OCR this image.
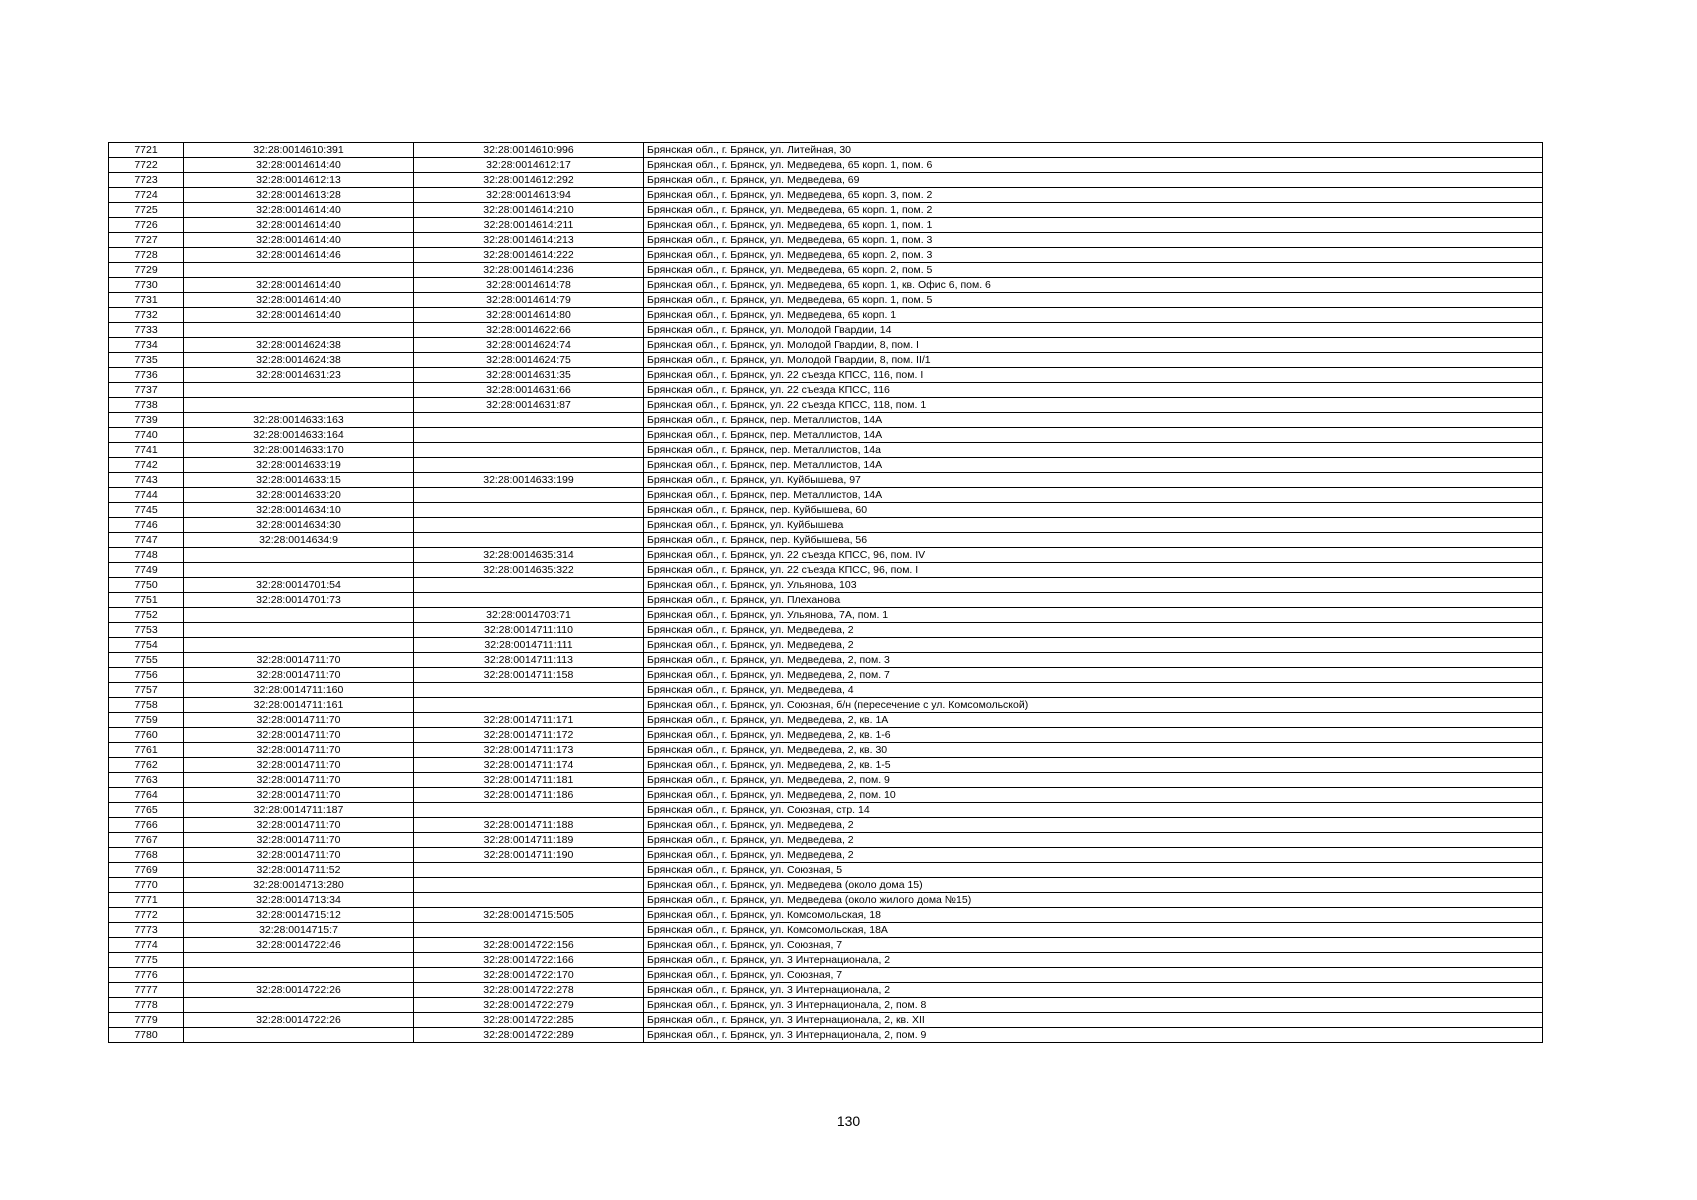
7721	32:28:0014610:391	32:28:0014610:996	Брянская обл., г. Брянск, ул. Литейная, 30
7722	32:28:0014614:40	32:28:0014612:17	Брянская обл., г. Брянск, ул. Медведева, 65 корп. 1, пом. 6
7723	32:28:0014612:13	32:28:0014612:292	Брянская обл., г. Брянск, ул. Медведева, 69
7724	32:28:0014613:28	32:28:0014613:94	Брянская обл., г. Брянск, ул. Медведева, 65 корп. 3, пом. 2
7725	32:28:0014614:40	32:28:0014614:210	Брянская обл., г. Брянск, ул. Медведева, 65 корп. 1, пом. 2
7726	32:28:0014614:40	32:28:0014614:211	Брянская обл., г. Брянск, ул. Медведева, 65 корп. 1, пом. 1
7727	32:28:0014614:40	32:28:0014614:213	Брянская обл., г. Брянск, ул. Медведева, 65 корп. 1, пом. 3
7728	32:28:0014614:46	32:28:0014614:222	Брянская обл., г. Брянск, ул. Медведева, 65 корп. 2, пом. 3
7729		32:28:0014614:236	Брянская обл., г. Брянск, ул. Медведева, 65 корп. 2, пом. 5
7730	32:28:0014614:40	32:28:0014614:78	Брянская обл., г. Брянск, ул. Медведева, 65 корп. 1, кв. Офис 6, пом. 6
7731	32:28:0014614:40	32:28:0014614:79	Брянская обл., г. Брянск, ул. Медведева, 65 корп. 1, пом. 5
7732	32:28:0014614:40	32:28:0014614:80	Брянская обл., г. Брянск, ул. Медведева, 65 корп. 1
7733		32:28:0014622:66	Брянская обл., г. Брянск, ул. Молодой Гвардии, 14
7734	32:28:0014624:38	32:28:0014624:74	Брянская обл., г. Брянск, ул. Молодой Гвардии, 8, пом. I
7735	32:28:0014624:38	32:28:0014624:75	Брянская обл., г. Брянск, ул. Молодой Гвардии, 8, пом. II/1
7736	32:28:0014631:23	32:28:0014631:35	Брянская обл., г. Брянск, ул. 22 съезда КПСС, 116, пом. I
7737		32:28:0014631:66	Брянская обл., г. Брянск, ул. 22 съезда КПСС, 116
7738		32:28:0014631:87	Брянская обл., г. Брянск, ул. 22 съезда КПСС, 118, пом. 1
7739	32:28:0014633:163		Брянская обл., г. Брянск, пер. Металлистов, 14А
7740	32:28:0014633:164		Брянская обл., г. Брянск, пер. Металлистов, 14А
7741	32:28:0014633:170		Брянская обл., г. Брянск, пер. Металлистов, 14а
7742	32:28:0014633:19		Брянская обл., г. Брянск, пер. Металлистов, 14А
7743	32:28:0014633:15	32:28:0014633:199	Брянская обл., г. Брянск, ул. Куйбышева, 97
7744	32:28:0014633:20		Брянская обл., г. Брянск, пер. Металлистов, 14А
7745	32:28:0014634:10		Брянская обл., г. Брянск, пер. Куйбышева, 60
7746	32:28:0014634:30		Брянская обл., г. Брянск, ул. Куйбышева
7747	32:28:0014634:9		Брянская обл., г. Брянск, пер. Куйбышева, 56
7748		32:28:0014635:314	Брянская обл., г. Брянск, ул. 22 съезда КПСС, 96, пом. IV
7749		32:28:0014635:322	Брянская обл., г. Брянск, ул. 22 съезда КПСС, 96, пом. I
7750	32:28:0014701:54		Брянская обл., г. Брянск, ул. Ульянова, 103
7751	32:28:0014701:73		Брянская обл., г. Брянск, ул. Плеханова
7752		32:28:0014703:71	Брянская обл., г. Брянск, ул. Ульянова, 7А, пом. 1
7753		32:28:0014711:110	Брянская обл., г. Брянск, ул. Медведева, 2
7754		32:28:0014711:111	Брянская обл., г. Брянск, ул. Медведева, 2
7755	32:28:0014711:70	32:28:0014711:113	Брянская обл., г. Брянск, ул. Медведева, 2, пом. 3
7756	32:28:0014711:70	32:28:0014711:158	Брянская обл., г. Брянск, ул. Медведева, 2, пом. 7
7757	32:28:0014711:160		Брянская обл., г. Брянск, ул. Медведева, 4
7758	32:28:0014711:161		Брянская обл., г. Брянск, ул. Союзная, б/н (пересечение с ул. Комсомольской)
7759	32:28:0014711:70	32:28:0014711:171	Брянская обл., г. Брянск, ул. Медведева, 2, кв. 1А
7760	32:28:0014711:70	32:28:0014711:172	Брянская обл., г. Брянск, ул. Медведева, 2, кв. 1-6
7761	32:28:0014711:70	32:28:0014711:173	Брянская обл., г. Брянск, ул. Медведева, 2, кв. 30
7762	32:28:0014711:70	32:28:0014711:174	Брянская обл., г. Брянск, ул. Медведева, 2, кв. 1-5
7763	32:28:0014711:70	32:28:0014711:181	Брянская обл., г. Брянск, ул. Медведева, 2, пом. 9
7764	32:28:0014711:70	32:28:0014711:186	Брянская обл., г. Брянск, ул. Медведева, 2, пом. 10
7765	32:28:0014711:187		Брянская обл., г. Брянск, ул. Союзная, стр. 14
7766	32:28:0014711:70	32:28:0014711:188	Брянская обл., г. Брянск, ул. Медведева, 2
7767	32:28:0014711:70	32:28:0014711:189	Брянская обл., г. Брянск, ул. Медведева, 2
7768	32:28:0014711:70	32:28:0014711:190	Брянская обл., г. Брянск, ул. Медведева, 2
7769	32:28:0014711:52		Брянская обл., г. Брянск, ул. Союзная, 5
7770	32:28:0014713:280		Брянская обл., г. Брянск, ул. Медведева (около дома 15)
7771	32:28:0014713:34		Брянская обл., г. Брянск, ул. Медведева (около жилого дома №15)
7772	32:28:0014715:12	32:28:0014715:505	Брянская обл., г. Брянск, ул. Комсомольская, 18
7773	32:28:0014715:7		Брянская обл., г. Брянск, ул. Комсомольская, 18А
7774	32:28:0014722:46	32:28:0014722:156	Брянская обл., г. Брянск, ул. Союзная, 7
7775		32:28:0014722:166	Брянская обл., г. Брянск, ул. 3 Интернационала, 2
7776		32:28:0014722:170	Брянская обл., г. Брянск, ул. Союзная, 7
7777	32:28:0014722:26	32:28:0014722:278	Брянская обл., г. Брянск, ул. 3 Интернационала, 2
7778		32:28:0014722:279	Брянская обл., г. Брянск, ул. 3 Интернационала, 2, пом. 8
7779	32:28:0014722:26	32:28:0014722:285	Брянская обл., г. Брянск, ул. 3 Интернационала, 2, кв. XII
7780		32:28:0014722:289	Брянская обл., г. Брянск, ул. 3 Интернационала, 2, пом. 9
130
